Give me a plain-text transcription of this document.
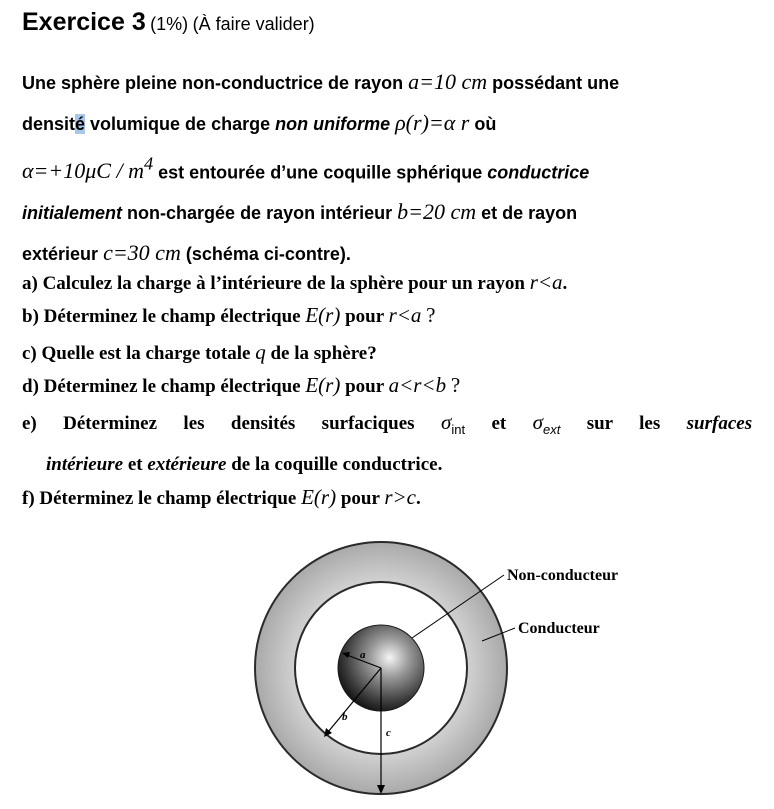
Exercice 3 (1%) (À faire valider)
Une sphère pleine non-conductrice de rayon a=10 cm possédant une
densité volumique de charge non uniforme ρ(r)=α r où
$\alpha=+10\mu C / m^4$ est entourée d’une coquille sphérique conductrice
initialement non-chargée de rayon intérieur b=20 cm et de rayon
extérieur c=30 cm (schéma ci-contre).
a) Calculez la charge à l’intérieure de la sphère pour un rayon r<a.
b) Déterminez le champ électrique E(r) pour r<a ?
c) Quelle est la charge totale q de la sphère?
d) Déterminez le champ électrique E(r) pour a<r<b ?
e) Déterminez les densités surfaciques $\sigma_{int}$ et $\sigma_{ext}$ sur les surfaces
intérieure et extérieure de la coquille conductrice.
f) Déterminez le champ électrique E(r) pour r>c.
a
b
c
Non-conducteur
Conducteur
